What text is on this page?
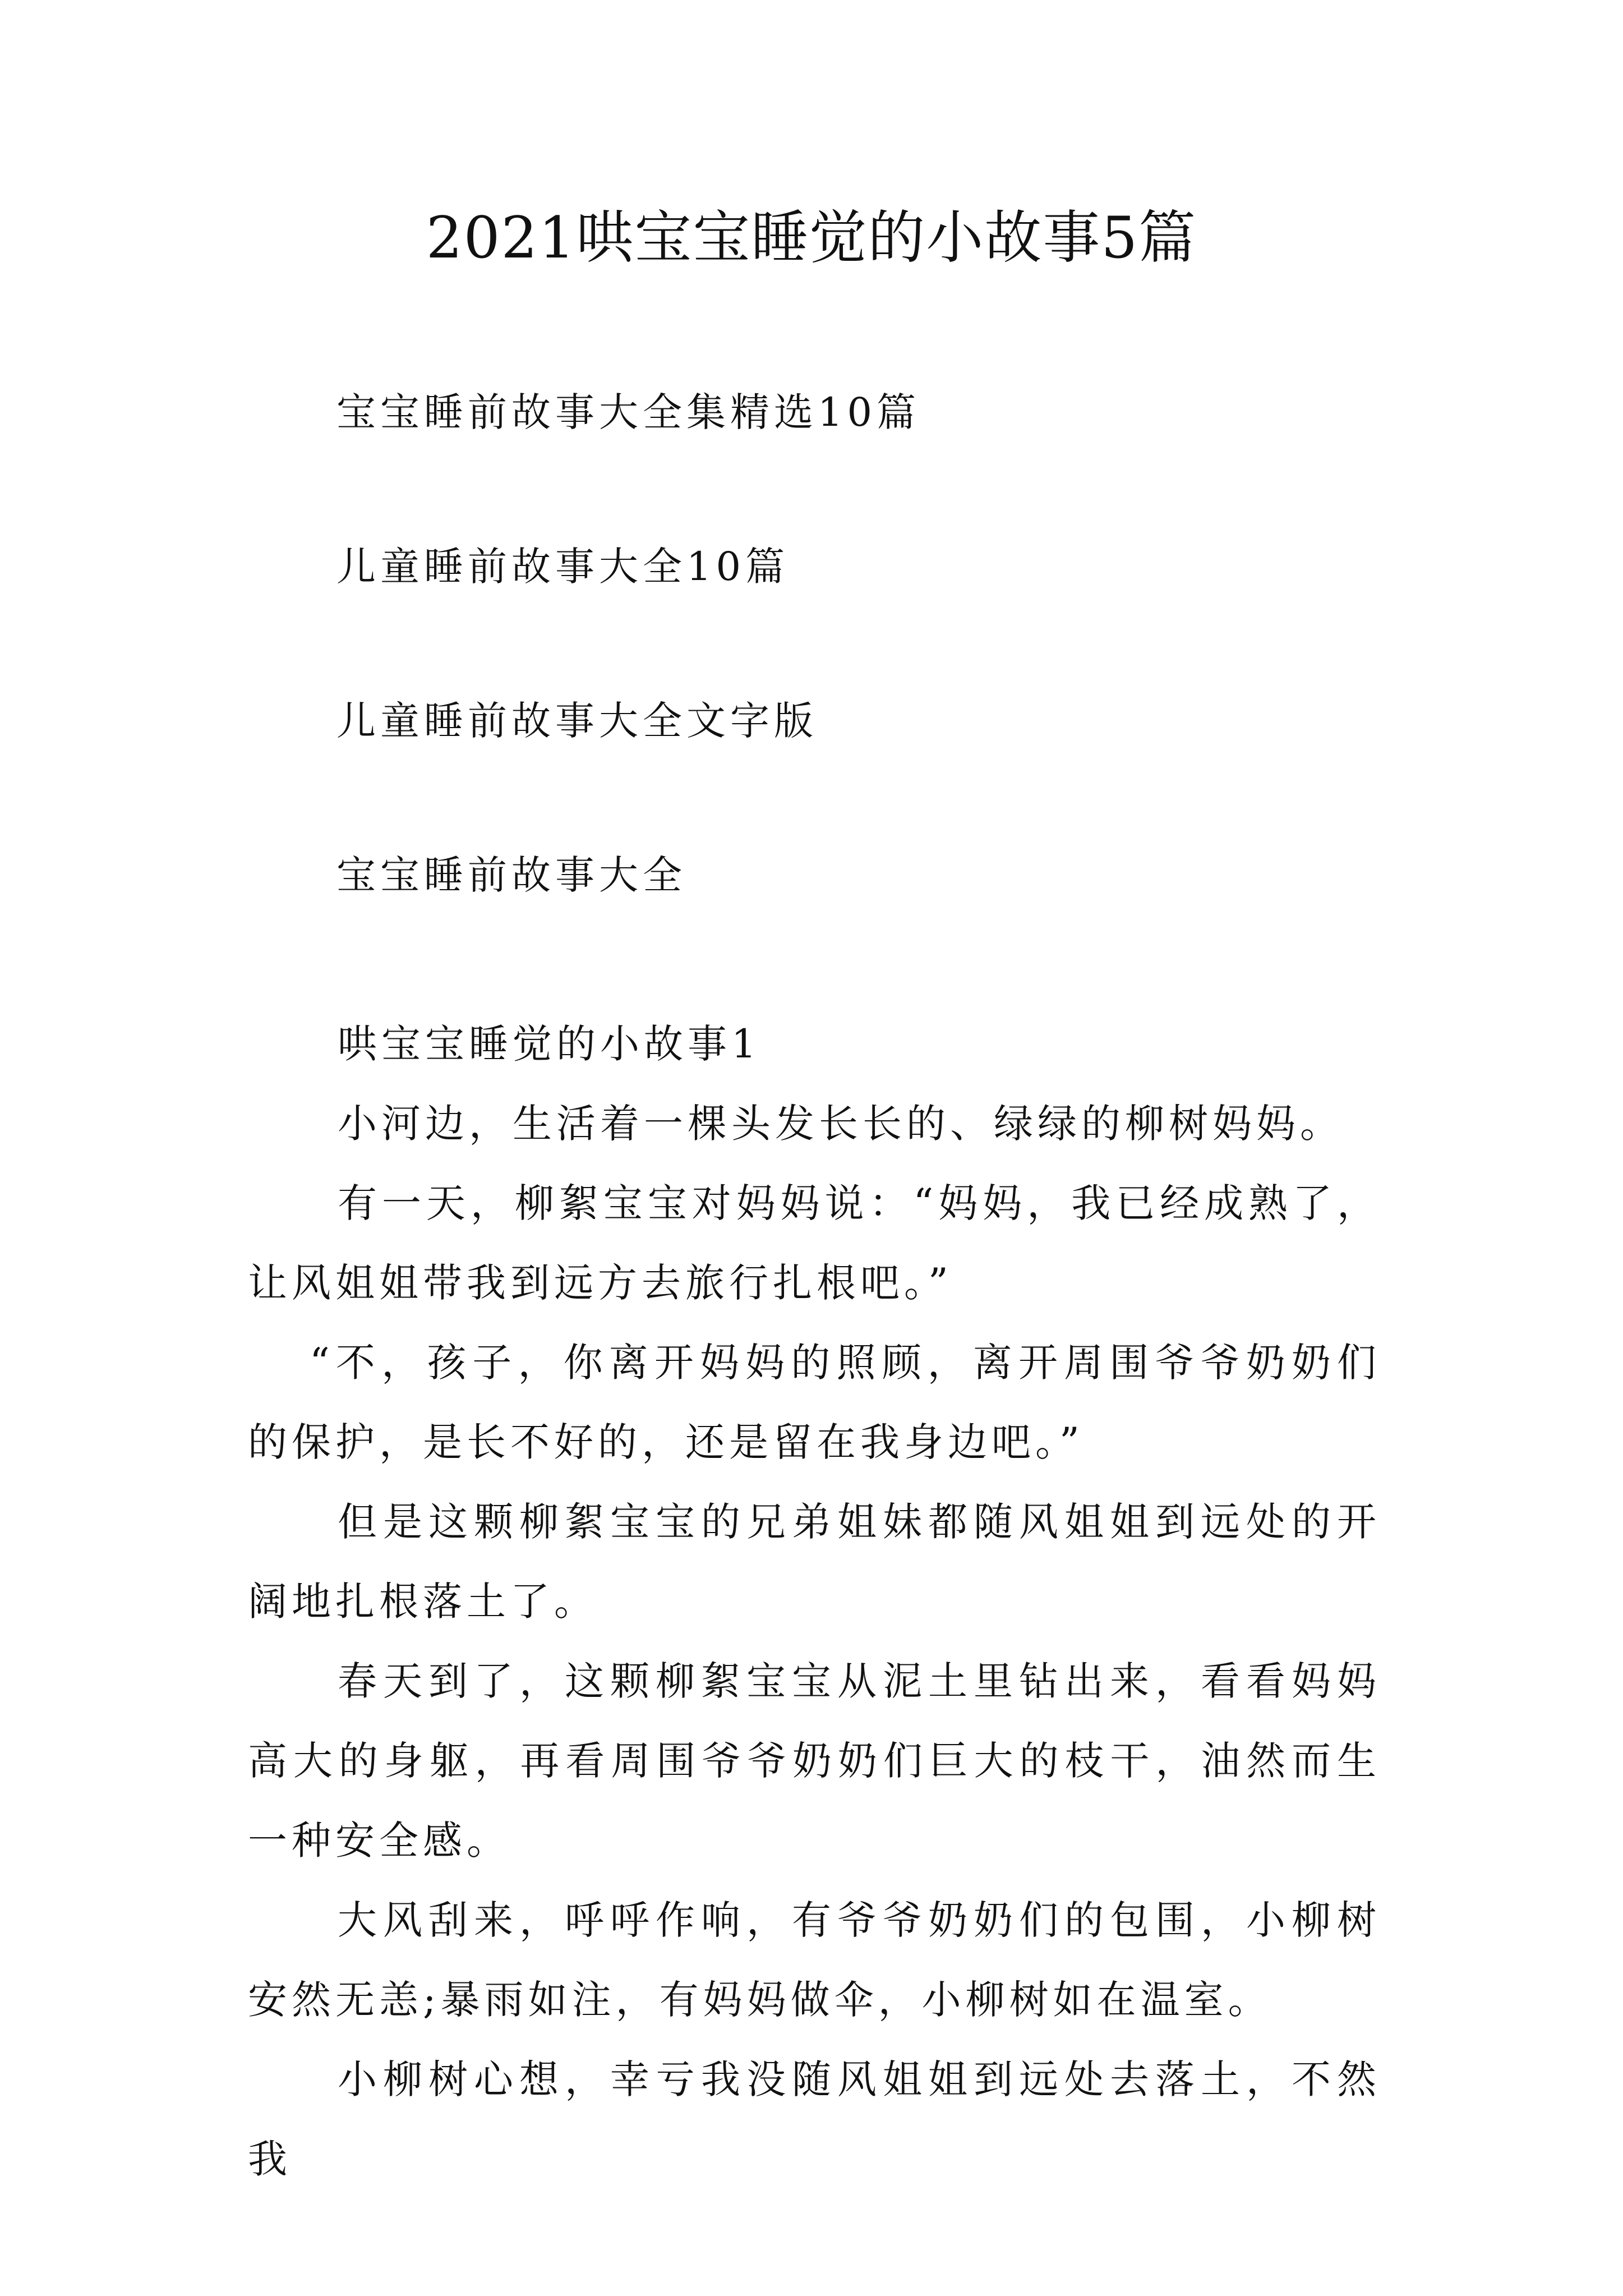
2021哄宝宝睡觉的小故事5篇
宝宝睡前故事大全集精选10篇
儿童睡前故事大全10篇
儿童睡前故事大全文字版
宝宝睡前故事大全
哄宝宝睡觉的小故事1

小河边，生活着一棵头发长长的、绿绿的柳树妈妈。

有一天，柳絮宝宝对妈妈说：“妈妈，我已经成熟了，让风姐姐带我到远方去旅行扎根吧。”

“不，孩子，你离开妈妈的照顾，离开周围爷爷奶奶们的保护，是长不好的，还是留在我身边吧。”

但是这颗柳絮宝宝的兄弟姐妹都随风姐姐到远处的开阔地扎根落土了。

春天到了，这颗柳絮宝宝从泥土里钻出来，看看妈妈高大的身躯，再看周围爷爷奶奶们巨大的枝干，油然而生一种安全感。

大风刮来，呼呼作响，有爷爷奶奶们的包围，小柳树安然无恙;暴雨如注，有妈妈做伞，小柳树如在温室。

小柳树心想，幸亏我没随风姐姐到远处去落土，不然我
